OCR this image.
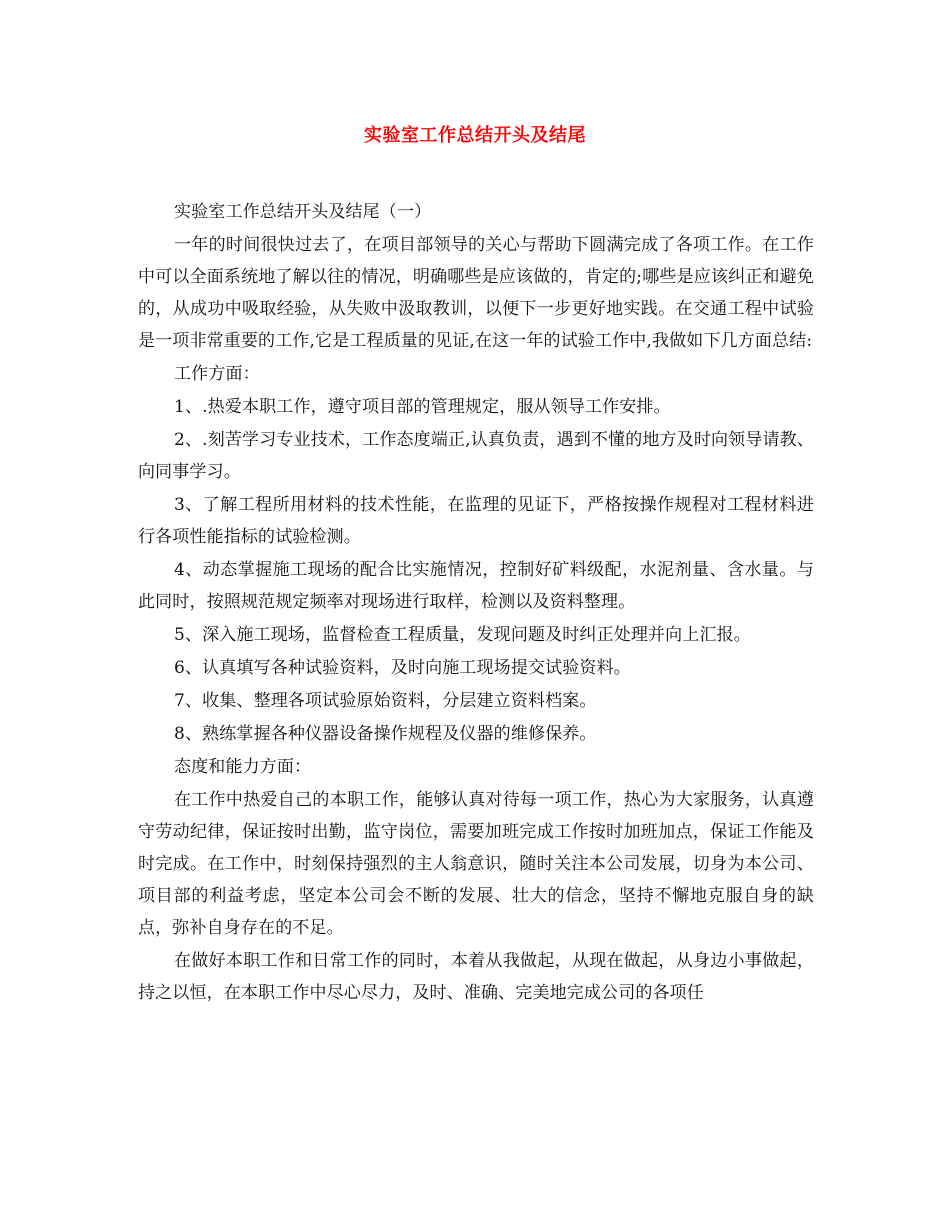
实验室工作总结开头及结尾

实验室工作总结开头及结尾（一）

一年的时间很快过去了，在项目部领导的关心与帮助下圆满完成了各项工作。在工作中可以全面系统地了解以往的情况，明确哪些是应该做的，肯定的;哪些是应该纠正和避免的，从成功中吸取经验，从失败中汲取教训，以便下一步更好地实践。在交通工程中试验是一项非常重要的工作,它是工程质量的见证,在这一年的试验工作中,我做如下几方面总结:

工作方面：

1、.热爱本职工作，遵守项目部的管理规定，服从领导工作安排。

2、.刻苦学习专业技术，工作态度端正,认真负责，遇到不懂的地方及时向领导请教、向同事学习。

3、了解工程所用材料的技术性能，在监理的见证下，严格按操作规程对工程材料进行各项性能指标的试验检测。

4、动态掌握施工现场的配合比实施情况，控制好矿料级配，水泥剂量、含水量。与此同时，按照规范规定频率对现场进行取样，检测以及资料整理。

5、深入施工现场，监督检查工程质量，发现问题及时纠正处理并向上汇报。

6、认真填写各种试验资料，及时向施工现场提交试验资料。

7、收集、整理各项试验原始资料，分层建立资料档案。

8、熟练掌握各种仪器设备操作规程及仪器的维修保养。

态度和能力方面：

在工作中热爱自己的本职工作，能够认真对待每一项工作，热心为大家服务，认真遵守劳动纪律，保证按时出勤，监守岗位，需要加班完成工作按时加班加点，保证工作能及时完成。在工作中，时刻保持强烈的主人翁意识，随时关注本公司发展，切身为本公司、项目部的利益考虑，坚定本公司会不断的发展、壮大的信念，坚持不懈地克服自身的缺点，弥补自身存在的不足。

在做好本职工作和日常工作的同时，本着从我做起，从现在做起，从身边小事做起，持之以恒，在本职工作中尽心尽力，及时、准确、完美地完成公司的各项任
